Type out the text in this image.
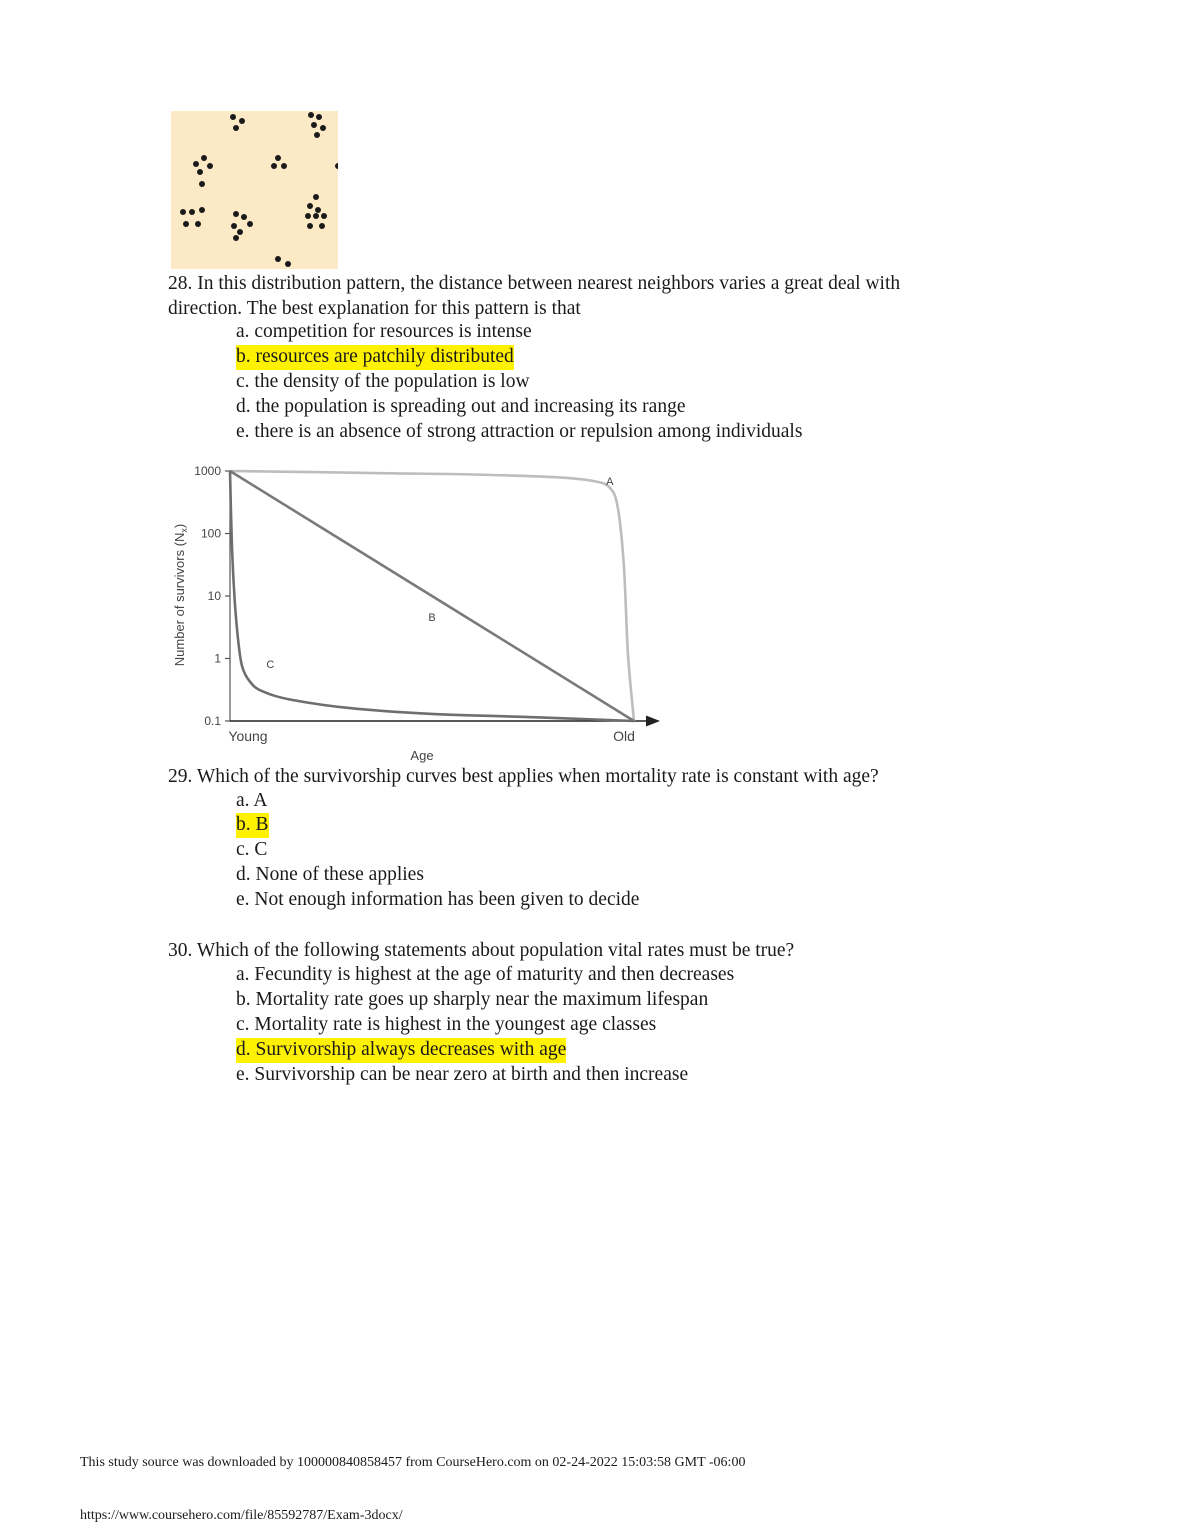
28. In this distribution pattern, the distance between nearest neighbors varies a great deal with
direction. The best explanation for this pattern is that
a. competition for resources is intense
b. resources are patchily distributed
c. the density of the population is low
d. the population is spreading out and increasing its range
e. there is an absence of strong attraction or repulsion among individuals
1000
100
10
1
0.1
Young	Old
A
B
C
Age
Number of survivors $(N_x)$
29. Which of the survivorship curves best applies when mortality rate is constant with age?
a. A
b. B
c. C
d. None of these applies
e. Not enough information has been given to decide
30. Which of the following statements about population vital rates must be true?
a. Fecundity is highest at the age of maturity and then decreases
b. Mortality rate goes up sharply near the maximum lifespan
c. Mortality rate is highest in the youngest age classes
d. Survivorship always decreases with age
e. Survivorship can be near zero at birth and then increase
This study source was downloaded by 100000840858457 from CourseHero.com on 02-24-2022 15:03:58 GMT -06:00
https://www.coursehero.com/file/85592787/Exam-3docx/
